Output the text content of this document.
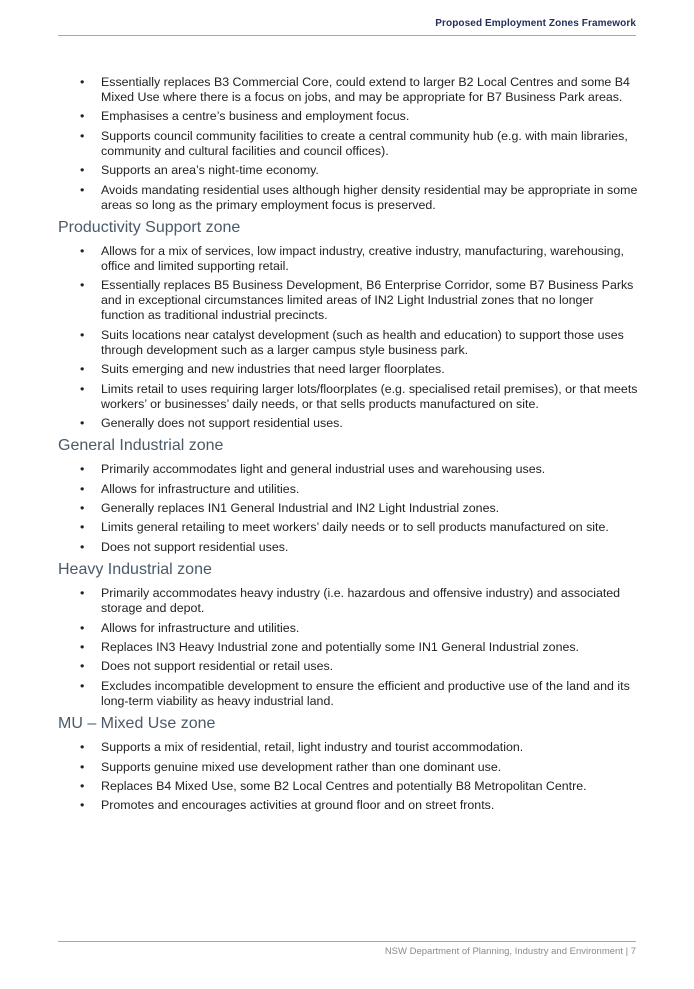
Proposed Employment Zones Framework
• Essentially replaces B3 Commercial Core, could extend to larger B2 Local Centres and some B4 Mixed Use where there is a focus on jobs, and may be appropriate for B7 Business Park areas.
• Emphasises a centre’s business and employment focus.
• Supports council community facilities to create a central community hub (e.g. with main libraries, community and cultural facilities and council offices).
• Supports an area’s night-time economy.
• Avoids mandating residential uses although higher density residential may be appropriate in some areas so long as the primary employment focus is preserved.
Productivity Support zone
• Allows for a mix of services, low impact industry, creative industry, manufacturing, warehousing, office and limited supporting retail.
• Essentially replaces B5 Business Development, B6 Enterprise Corridor, some B7 Business Parks and in exceptional circumstances limited areas of IN2 Light Industrial zones that no longer function as traditional industrial precincts.
• Suits locations near catalyst development (such as health and education) to support those uses through development such as a larger campus style business park.
• Suits emerging and new industries that need larger floorplates.
• Limits retail to uses requiring larger lots/floorplates (e.g. specialised retail premises), or that meets workers’ or businesses’ daily needs, or that sells products manufactured on site.
• Generally does not support residential uses.
General Industrial zone
• Primarily accommodates light and general industrial uses and warehousing uses.
• Allows for infrastructure and utilities.
• Generally replaces IN1 General Industrial and IN2 Light Industrial zones.
• Limits general retailing to meet workers’ daily needs or to sell products manufactured on site.
• Does not support residential uses.
Heavy Industrial zone
• Primarily accommodates heavy industry (i.e. hazardous and offensive industry) and associated storage and depot.
• Allows for infrastructure and utilities.
• Replaces IN3 Heavy Industrial zone and potentially some IN1 General Industrial zones.
• Does not support residential or retail uses.
• Excludes incompatible development to ensure the efficient and productive use of the land and its long-term viability as heavy industrial land.
MU – Mixed Use zone
• Supports a mix of residential, retail, light industry and tourist accommodation.
• Supports genuine mixed use development rather than one dominant use.
• Replaces B4 Mixed Use, some B2 Local Centres and potentially B8 Metropolitan Centre.
• Promotes and encourages activities at ground floor and on street fronts.
NSW Department of Planning, Industry and Environment | 7
